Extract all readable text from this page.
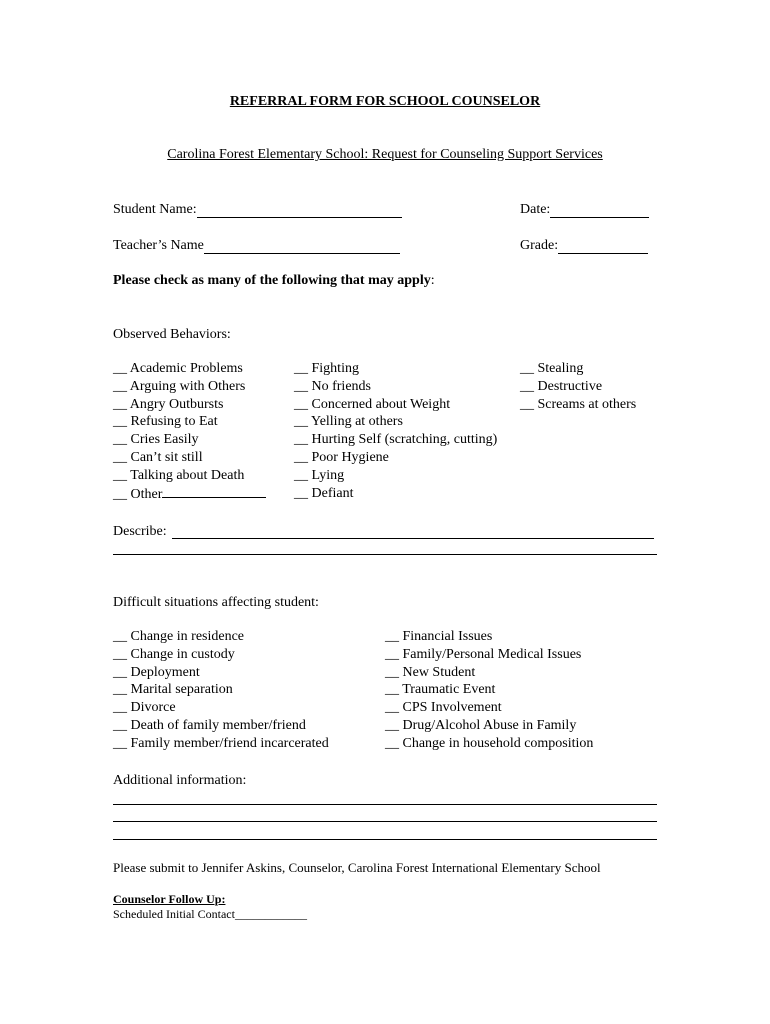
REFERRAL FORM FOR SCHOOL COUNSELOR
Carolina Forest Elementary School: Request for Counseling Support Services
Student Name:	Date:
Teacher’s Name	Grade:
Please check as many of the following that may apply:
Observed Behaviors:
__ Academic Problems
__ Arguing with Others
__ Angry Outbursts
__ Refusing to Eat
__ Cries Easily
__ Can’t sit still
__ Talking about Death
__ Other
__ Fighting
__ No friends
__ Concerned about Weight
__ Yelling at others
__ Hurting Self (scratching, cutting)
__ Poor Hygiene
__ Lying
__ Defiant
__ Stealing
__ Destructive
__ Screams at others
Describe:
Difficult situations affecting student:
__ Change in residence
__ Change in custody
__ Deployment
__ Marital separation
__ Divorce
__ Death of family member/friend
__ Family member/friend incarcerated
__ Financial Issues
__ Family/Personal Medical Issues
__ New Student
__ Traumatic Event
__ CPS Involvement
__ Drug/Alcohol Abuse in Family
__ Change in household composition
Additional information:
Please submit to Jennifer Askins, Counselor, Carolina Forest International Elementary School
Counselor Follow Up:
Scheduled Initial Contact____________
